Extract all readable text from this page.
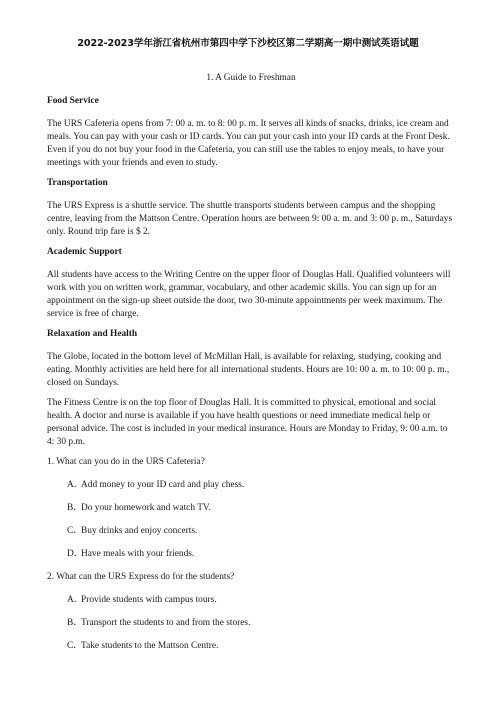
2022-2023学年浙江省杭州市第四中学下沙校区第二学期高一期中测试英语试题
1. A Guide to Freshman
Food Service

The URS Cafeteria opens from 7: 00 a. m. to 8: 00 p. m. It serves all kinds of snacks, drinks, ice cream and meals. You can pay with your cash or ID cards. You can put your cash into your ID cards at the Front Desk. Even if you do not buy your food in the Cafeteria, you can still use the tables to enjoy meals, to have your meetings with your friends and even to study.

Transportation

The URS Express is a shuttle service. The shuttle transports students between campus and the shopping centre, leaving from the Mattson Centre. Operation hours are between 9: 00 a. m. and 3: 00 p. m., Saturdays only. Round trip fare is $ 2.

Academic Support

All students have access to the Writing Centre on the upper floor of Douglas Hall. Qualified volunteers will work with you on written work, grammar, vocabulary, and other academic skills. You can sign up for an appointment on the sign-up sheet outside the door, two 30-minute appointments per week maximum. The service is free of charge.

Relaxation and Health

The Globe, located in the bottom level of McMillan Hall, is available for relaxing, studying, cooking and eating. Monthly activities are held here for all international students. Hours are 10: 00 a. m. to 10: 00 p. m., closed on Sundays.

The Fitness Centre is on the top floor of Douglas Hall. It is committed to physical, emotional and social health. A doctor and nurse is available if you have health questions or need immediate medical help or personal advice. The cost is included in your medical insurance. Hours are Monday to Friday, 9: 00 a.m. to 4: 30 p.m.

1. What can you do in the URS Cafeteria?
A．
Add money to your ID card and play chess.
B．
Do your homework and watch TV.
C．
Buy drinks and enjoy concerts.
D．
Have meals with your friends.
2. What can the URS Express do for the students?
A．
Provide students with campus tours.
B．
Transport the students to and from the stores.
C．
Take students to the Mattson Centre.
